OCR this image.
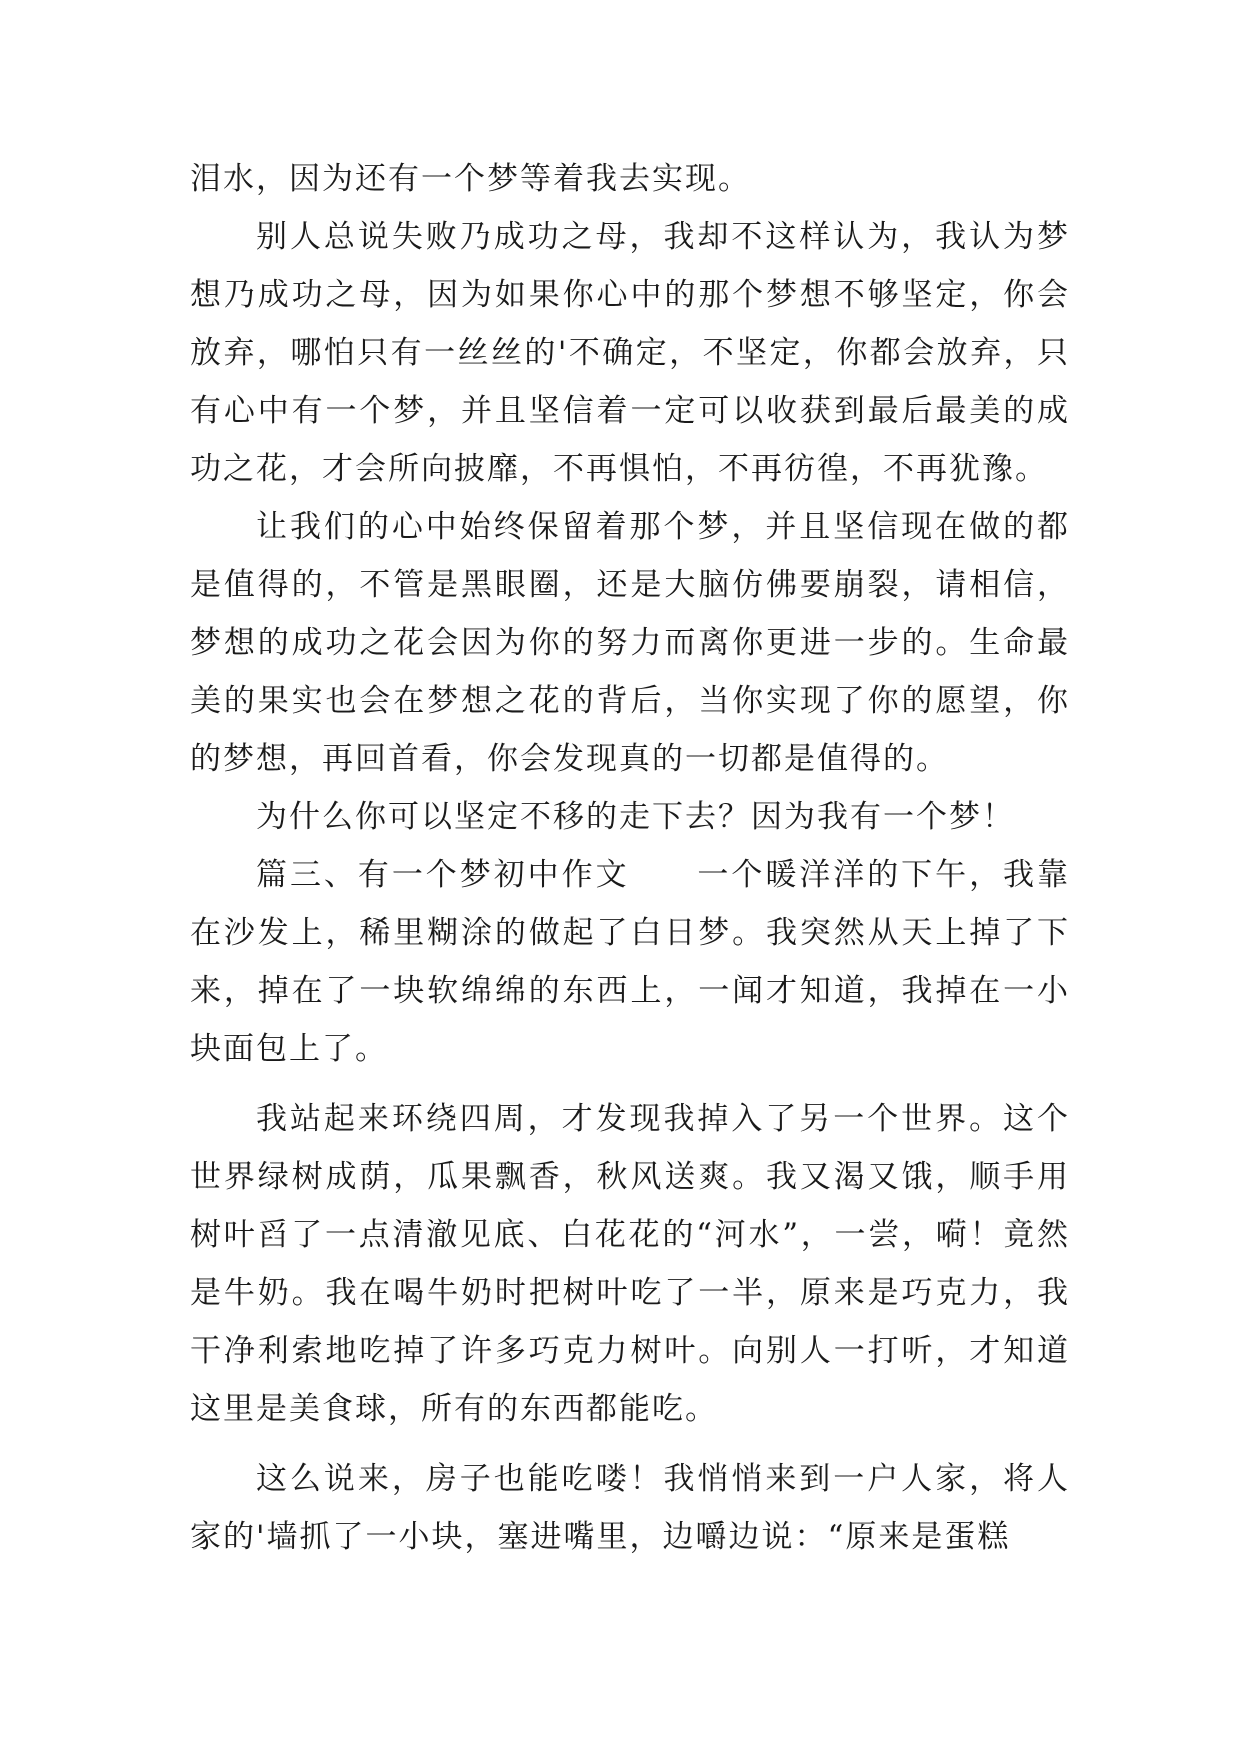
泪水，因为还有一个梦等着我去实现。

别人总说失败乃成功之母，我却不这样认为，我认为梦想乃成功之母，因为如果你心中的那个梦想不够坚定，你会放弃，哪怕只有一丝丝的'不确定，不坚定，你都会放弃，只有心中有一个梦，并且坚信着一定可以收获到最后最美的成功之花，才会所向披靡，不再惧怕，不再彷徨，不再犹豫。

让我们的心中始终保留着那个梦，并且坚信现在做的都是值得的，不管是黑眼圈，还是大脑仿佛要崩裂，请相信，梦想的成功之花会因为你的努力而离你更进一步的。生命最美的果实也会在梦想之花的背后，当你实现了你的愿望，你的梦想，再回首看，你会发现真的一切都是值得的。

为什么你可以坚定不移的走下去？因为我有一个梦！

篇三、有一个梦初中作文　　一个暖洋洋的下午，我靠在沙发上，稀里糊涂的做起了白日梦。我突然从天上掉了下来，掉在了一块软绵绵的东西上，一闻才知道，我掉在一小块面包上了。

我站起来环绕四周，才发现我掉入了另一个世界。这个世界绿树成荫，瓜果飘香，秋风送爽。我又渴又饿，顺手用树叶舀了一点清澈见底、白花花的“河水”，一尝，嗬！竟然是牛奶。我在喝牛奶时把树叶吃了一半，原来是巧克力，我干净利索地吃掉了许多巧克力树叶。向别人一打听，才知道这里是美食球，所有的东西都能吃。

这么说来，房子也能吃喽！我悄悄来到一户人家，将人家的'墙抓了一小块，塞进嘴里，边嚼边说：“原来是蛋糕
